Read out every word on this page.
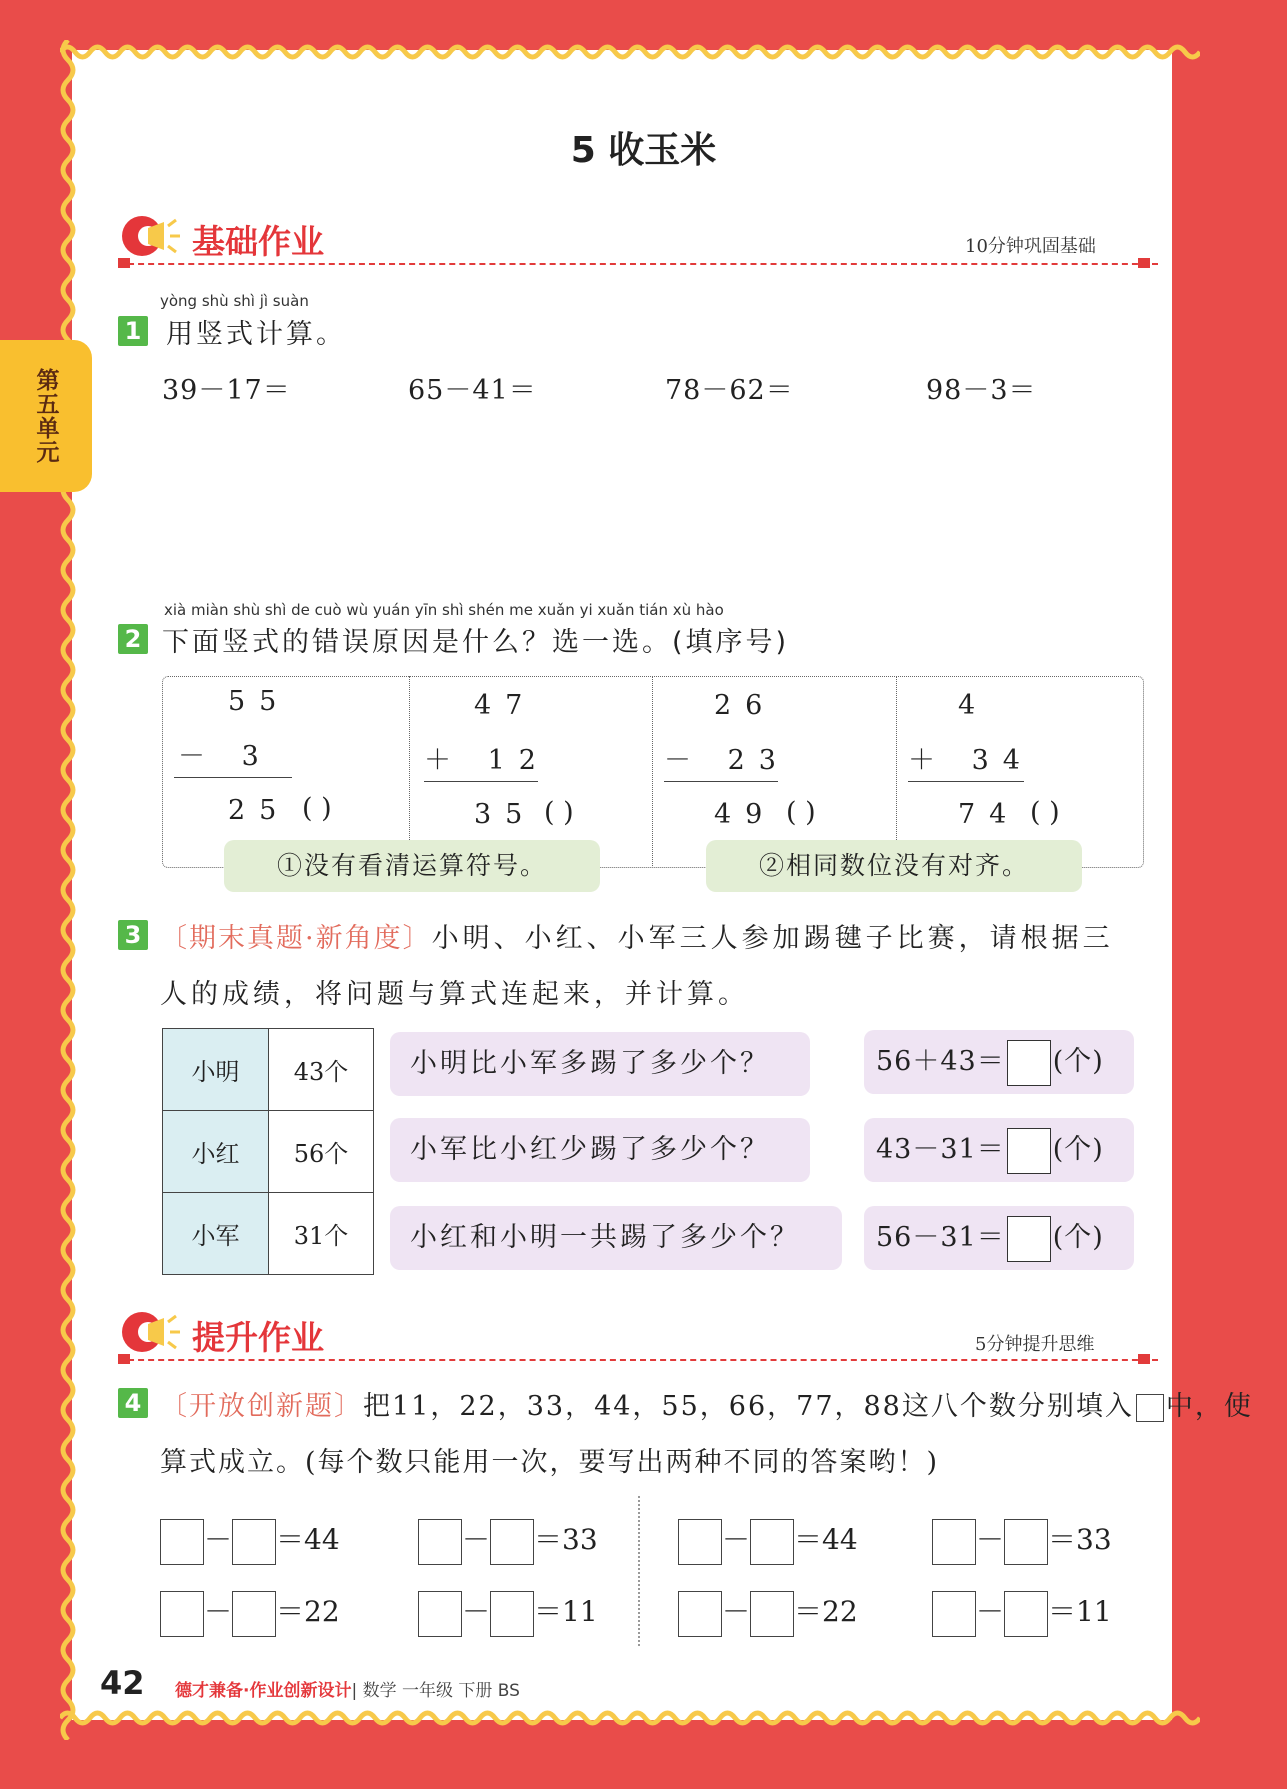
第五单元
5 收玉米
基础作业	10分钟巩固基础
yòng shù shì jì suàn
1 用竖式计算。
39－17＝	65－41＝	78－62＝	98－3＝
xià miàn shù shì de cuò wù yuán yīn shì shén me xuǎn yi xuǎn tián xù hào
2 下面竖式的错误原因是什么？选一选。(填序号)
55
－ 3
25 ( )
47
＋ 12
35 ( )
26
－ 23
49 ( )
4
＋ 34
74 ( )
①没有看清运算符号。	②相同数位没有对齐。
3 〔期末真题·新角度〕小明、小红、小军三人参加踢毽子比赛，请根据三
人的成绩，将问题与算式连起来，并计算。
小明	43个
小红	56个
小军	31个
小明比小军多踢了多少个？
小军比小红少踢了多少个？
小红和小明一共踢了多少个？
56＋43＝ (个)
43－31＝ (个)
56－31＝ (个)
提升作业	5分钟提升思维
4 〔开放创新题〕把11，22，33，44，55，66，77，88这八个数分别填入 中，使
算式成立。(每个数只能用一次，要写出两种不同的答案哟！)
－ ＝44	－ ＝33	－ ＝44	－ ＝33
－ ＝22	－ ＝11	－ ＝22	－ ＝11
42 德才兼备·作业创新设计| 数学 一年级 下册 BS
